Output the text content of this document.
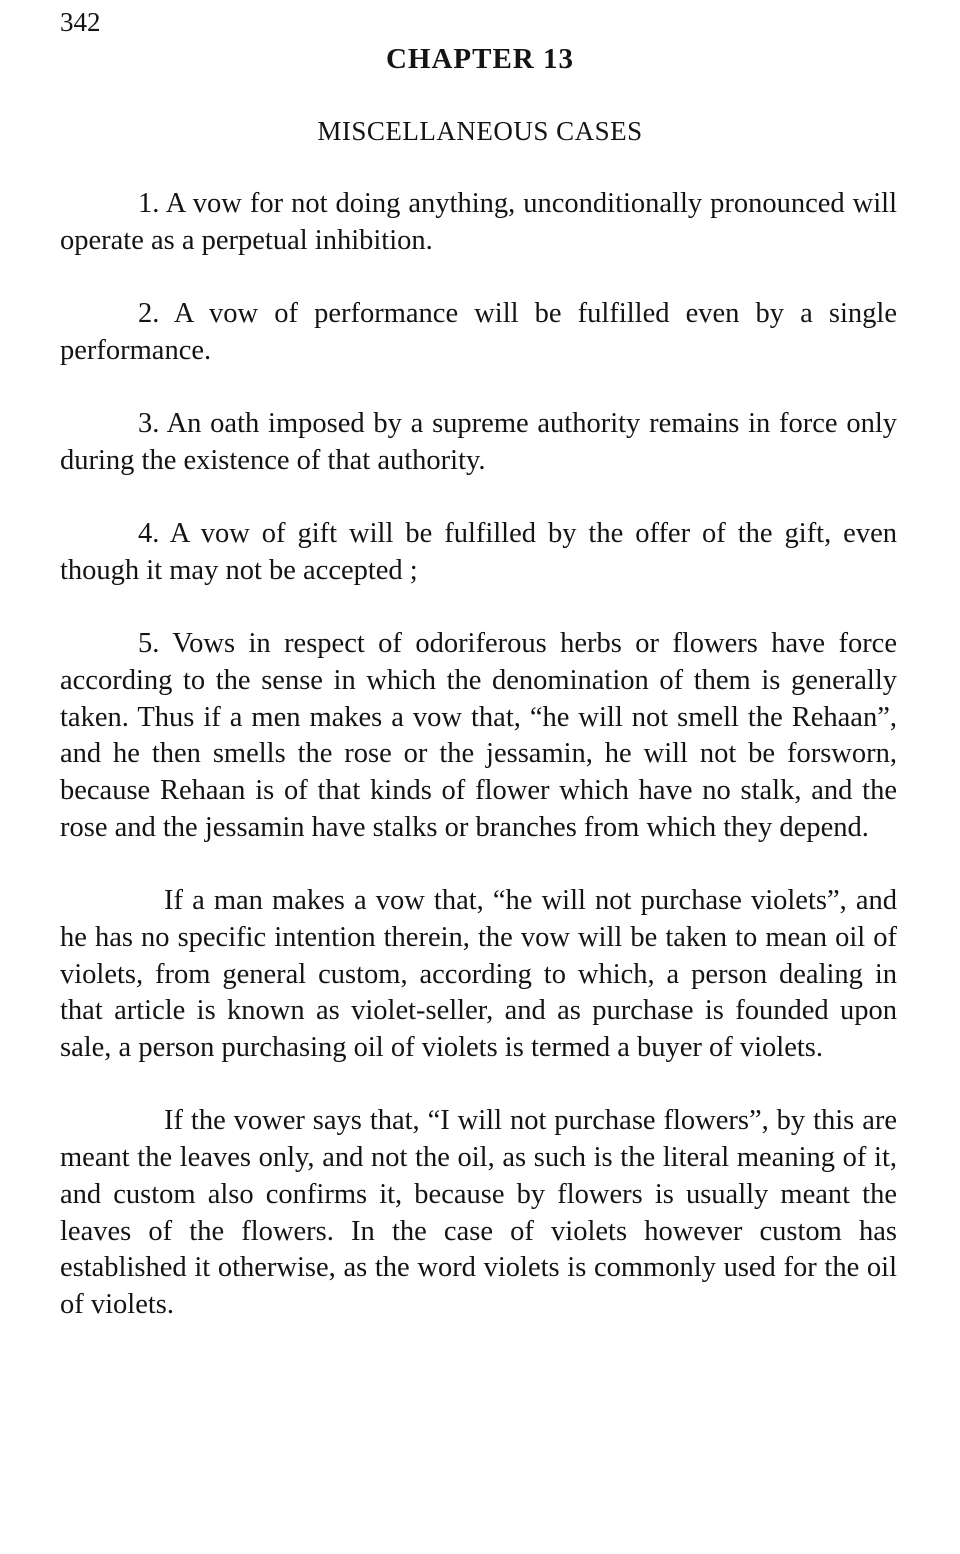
342
CHAPTER 13
MISCELLANEOUS CASES

1. A vow for not doing anything, unconditionally pronounced will operate as a perpetual inhibition.

2. A vow of performance will be fulfilled even by a single performance.

3. An oath imposed by a supreme authority remains in force only during the existence of that authority.

4. A vow of gift will be fulfilled by the offer of the gift, even though it may not be accepted ;

5. Vows in respect of odoriferous herbs or flowers have force according to the sense in which the denomination of them is generally taken. Thus if a men makes a vow that, “he will not smell the Rehaan”, and he then smells the rose or the jessamin, he will not be forsworn, because Rehaan is of that kinds of flower which have no stalk, and the rose and the jessamin have stalks or branches from which they depend.

If a man makes a vow that, “he will not purchase violets”, and he has no specific intention therein, the vow will be taken to mean oil of violets, from general custom, according to which, a person dealing in that article is known as violet-seller, and as purchase is founded upon sale, a person purchasing oil of violets is termed a buyer of violets.

If the vower says that, “I will not purchase flowers”, by this are meant the leaves only, and not the oil, as such is the literal meaning of it, and custom also confirms it, because by flowers is usually meant the leaves of the flowers. In the case of violets however custom has established it otherwise, as the word violets is commonly used for the oil of violets.
